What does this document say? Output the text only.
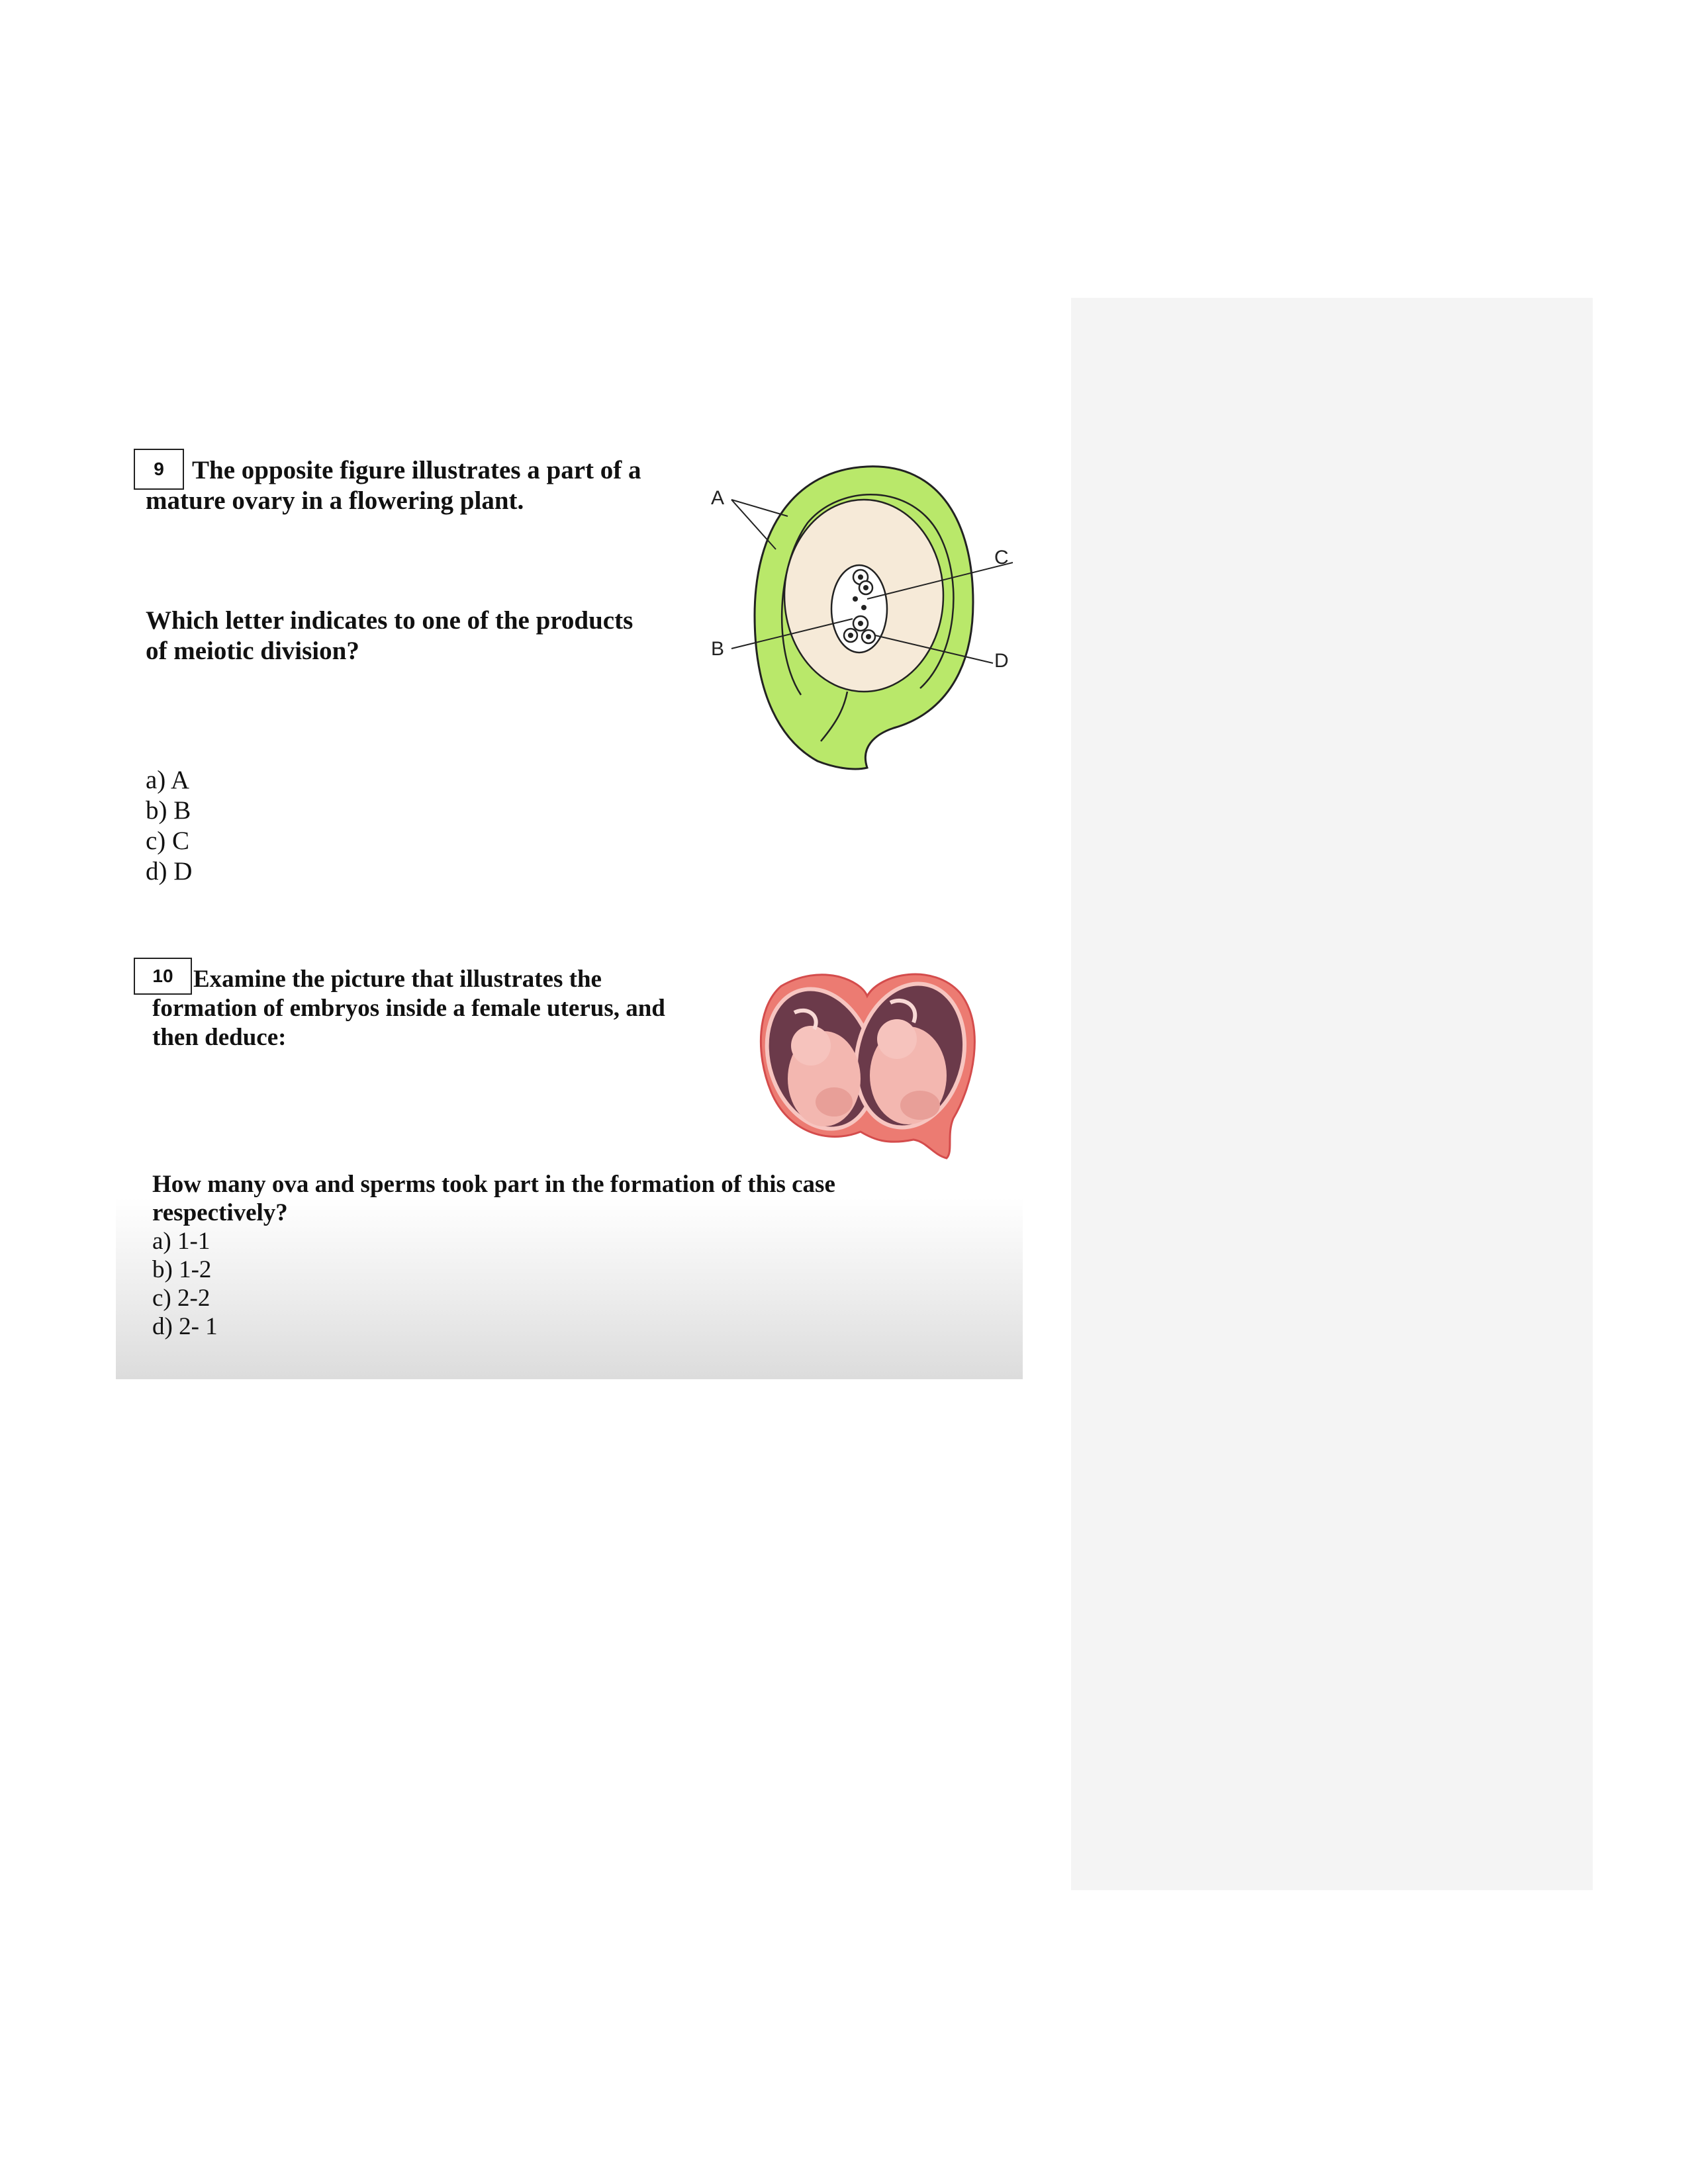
9	The opposite figure illustrates a part of a
mature ovary in a flowering plant.
Which letter indicates to one of the products
of meiotic division?
a) A
b) B
c) C
d) D
A
B
C
D
10 Examine the picture that illustrates the
formation of embryos inside a female uterus, and
then deduce:
How many ova and sperms took part in the formation of this case
respectively?
a) 1-1
b) 1-2
c) 2-2
d) 2- 1
